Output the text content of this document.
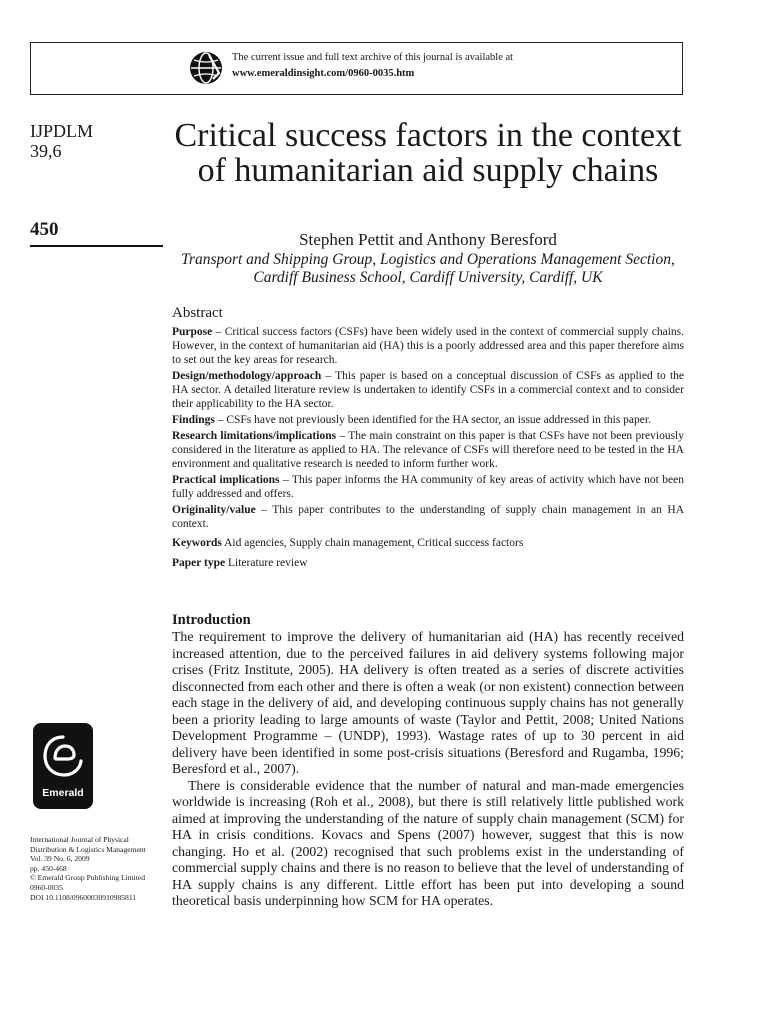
The current issue and full text archive of this journal is available at
www.emeraldinsight.com/0960-0035.htm
IJPDLM
39,6
450
Critical success factors in the context of humanitarian aid supply chains
Stephen Pettit and Anthony Beresford
Transport and Shipping Group, Logistics and Operations Management Section,
Cardiff Business School, Cardiff University, Cardiff, UK
Abstract

Purpose – Critical success factors (CSFs) have been widely used in the context of commercial supply chains. However, in the context of humanitarian aid (HA) this is a poorly addressed area and this paper therefore aims to set out the key areas for research.

Design/methodology/approach – This paper is based on a conceptual discussion of CSFs as applied to the HA sector. A detailed literature review is undertaken to identify CSFs in a commercial context and to consider their applicability to the HA sector.

Findings – CSFs have not previously been identified for the HA sector, an issue addressed in this paper.

Research limitations/implications – The main constraint on this paper is that CSFs have not been previously considered in the literature as applied to HA. The relevance of CSFs will therefore need to be tested in the HA environment and qualitative research is needed to inform further work.

Practical implications – This paper informs the HA community of key areas of activity which have not been fully addressed and offers.

Originality/value – This paper contributes to the understanding of supply chain management in an HA context.

Keywords Aid agencies, Supply chain management, Critical success factors

Paper type Literature review

Introduction

The requirement to improve the delivery of humanitarian aid (HA) has recently received increased attention, due to the perceived failures in aid delivery systems following major crises (Fritz Institute, 2005). HA delivery is often treated as a series of discrete activities disconnected from each other and there is often a weak (or non existent) connection between each stage in the delivery of aid, and developing continuous supply chains has not generally been a priority leading to large amounts of waste (Taylor and Pettit, 2008; United Nations Development Programme – (UNDP), 1993). Wastage rates of up to 30 percent in aid delivery have been identified in some post-crisis situations (Beresford and Rugamba, 1996; Beresford et al., 2007).

There is considerable evidence that the number of natural and man-made emergencies worldwide is increasing (Roh et al., 2008), but there is still relatively little published work aimed at improving the understanding of the nature of supply chain management (SCM) for HA in crisis conditions. Kovacs and Spens (2007) however, suggest that this is now changing. Ho et al. (2002) recognised that such problems exist in the understanding of commercial supply chains and there is no reason to believe that the level of understanding of HA supply chains is any different. Little effort has been put into developing a sound theoretical basis underpinning how SCM for HA operates.

Emerald
International Journal of Physical
Distribution & Logistics Management
Vol. 39 No. 6, 2009
pp. 450-468
© Emerald Group Publishing Limited
0960-0035
DOI 10.1108/09600030910985811
